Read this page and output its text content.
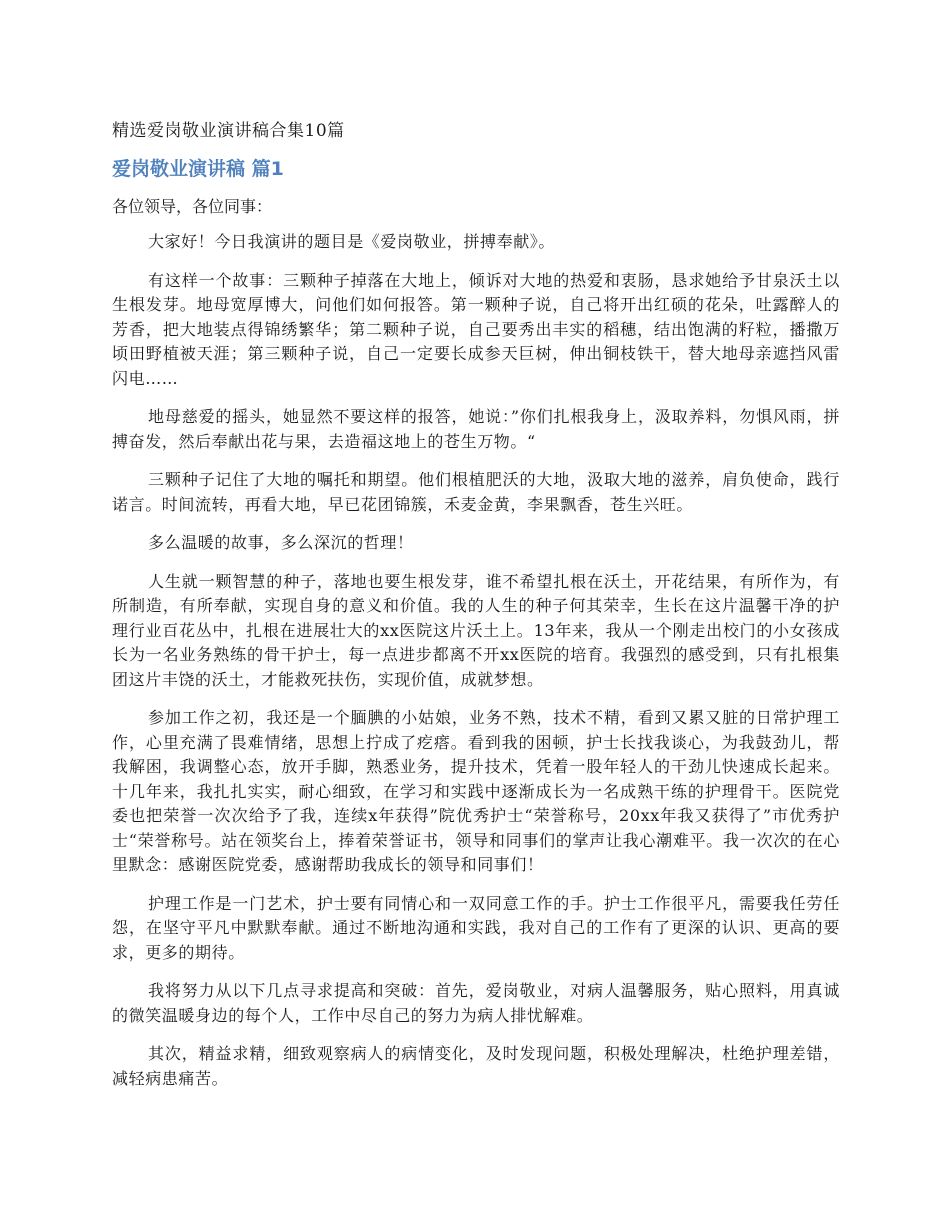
精选爱岗敬业演讲稿合集10篇
爱岗敬业演讲稿 篇1
各位领导，各位同事：

大家好！今日我演讲的题目是《爱岗敬业，拼搏奉献》。

有这样一个故事：三颗种子掉落在大地上，倾诉对大地的热爱和衷肠，恳求她给予甘泉沃土以生根发芽。地母宽厚博大，问他们如何报答。第一颗种子说，自己将开出红硕的花朵，吐露醉人的芳香，把大地装点得锦绣繁华；第二颗种子说，自己要秀出丰实的稻穗，结出饱满的籽粒，播撒万顷田野植被天涯；第三颗种子说，自己一定要长成参天巨树，伸出铜枝铁干，替大地母亲遮挡风雷闪电……

地母慈爱的摇头，她显然不要这样的报答，她说：”你们扎根我身上，汲取养料，勿惧风雨，拼搏奋发，然后奉献出花与果，去造福这地上的苍生万物。“

三颗种子记住了大地的嘱托和期望。他们根植肥沃的大地，汲取大地的滋养，肩负使命，践行诺言。时间流转，再看大地，早已花团锦簇，禾麦金黄，李果飘香，苍生兴旺。

多么温暖的故事，多么深沉的哲理！

人生就一颗智慧的种子，落地也要生根发芽，谁不希望扎根在沃土，开花结果，有所作为，有所制造，有所奉献，实现自身的意义和价值。我的人生的种子何其荣幸，生长在这片温馨干净的护理行业百花丛中，扎根在进展壮大的xx医院这片沃土上。13年来，我从一个刚走出校门的小女孩成长为一名业务熟练的骨干护士，每一点进步都离不开xx医院的培育。我强烈的感受到，只有扎根集团这片丰饶的沃土，才能救死扶伤，实现价值，成就梦想。

参加工作之初，我还是一个腼腆的小姑娘，业务不熟，技术不精，看到又累又脏的日常护理工作，心里充满了畏难情绪，思想上拧成了疙瘩。看到我的困顿，护士长找我谈心，为我鼓劲儿，帮我解困，我调整心态，放开手脚，熟悉业务，提升技术，凭着一股年轻人的干劲儿快速成长起来。十几年来，我扎扎实实，耐心细致，在学习和实践中逐渐成长为一名成熟干练的护理骨干。医院党委也把荣誉一次次给予了我，连续x年获得”院优秀护士“荣誉称号，20xx年我又获得了”市优秀护士“荣誉称号。站在领奖台上，捧着荣誉证书，领导和同事们的掌声让我心潮难平。我一次次的在心里默念：感谢医院党委，感谢帮助我成长的领导和同事们！

护理工作是一门艺术，护士要有同情心和一双同意工作的手。护士工作很平凡，需要我任劳任怨，在坚守平凡中默默奉献。通过不断地沟通和实践，我对自己的工作有了更深的认识、更高的要求，更多的期待。

我将努力从以下几点寻求提高和突破：首先，爱岗敬业，对病人温馨服务，贴心照料，用真诚的微笑温暖身边的每个人，工作中尽自己的努力为病人排忧解难。

其次，精益求精，细致观察病人的病情变化，及时发现问题，积极处理解决，杜绝护理差错，减轻病患痛苦。
